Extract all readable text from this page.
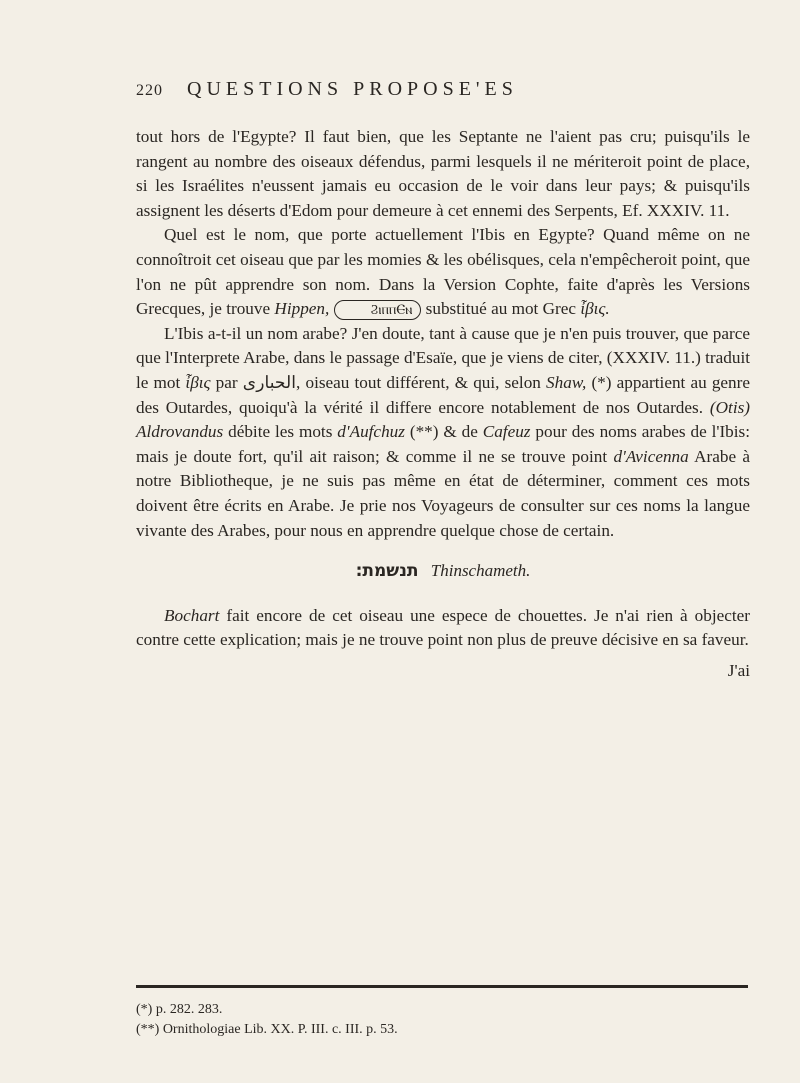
220 QUESTIONS PROPOSE'ES

tout hors de l'Egypte? Il faut bien, que les Septante ne l'aient pas cru; puisqu'ils le rangent au nombre des oiseaux défendus, parmi lesquels il ne mériteroit point de place, si les Israélites n'eussent jamais eu occasion de le voir dans leur pays; & puisqu'ils assignent les déserts d'Edom pour demeure à cet ennemi des Serpents, Ef. XXXIV. 11.

Quel est le nom, que porte actuellement l'Ibis en Egypte? Quand même on ne connoîtroit cet oiseau que par les momies & les obélisques, cela n'empêcheroit point, que l'on ne pût apprendre son nom. Dans la Version Cophte, faite d'après les Versions Grecques, je trouve Hippen,	ϨⲓⲡⲡⲈⲛ substitué au mot Grec ἶβις.

L'Ibis a-t-il un nom arabe? J'en doute, tant à cause que je n'en puis trouver, que parce que l'Interprete Arabe, dans le passage d'Esaïe, que je viens de citer, (XXXIV. 11.) traduit le mot ἶβις par ﺍﻟﺤﺒﺎﺭﻯ, oiseau tout différent, & qui, selon Shaw, (*) appartient au genre des Outardes, quoiqu'à la vérité il differe encore notablement de nos Outardes. (Otis) Aldrovandus débite les mots d'Aufchuz (**) & de Cafeuz pour des noms arabes de l'Ibis: mais je doute fort, qu'il ait raison; & comme il ne se trouve point d'Avicenna Arabe à notre Bibliotheque, je ne suis pas même en état de déterminer, comment ces mots doivent être écrits en Arabe. Je prie nos Voyageurs de consulter sur ces noms la langue vivante des Arabes, pour nous en apprendre quelque chose de certain.

תנשמת: Thinschameth.

Bochart fait encore de cet oiseau une espece de chouettes. Je n'ai rien à objecter contre cette explication; mais je ne trouve point non plus de preuve décisive en sa faveur.

J'ai

(*) p. 282. 283.

(**) Ornithologiae Lib. XX. P. III. c. III. p. 53.
